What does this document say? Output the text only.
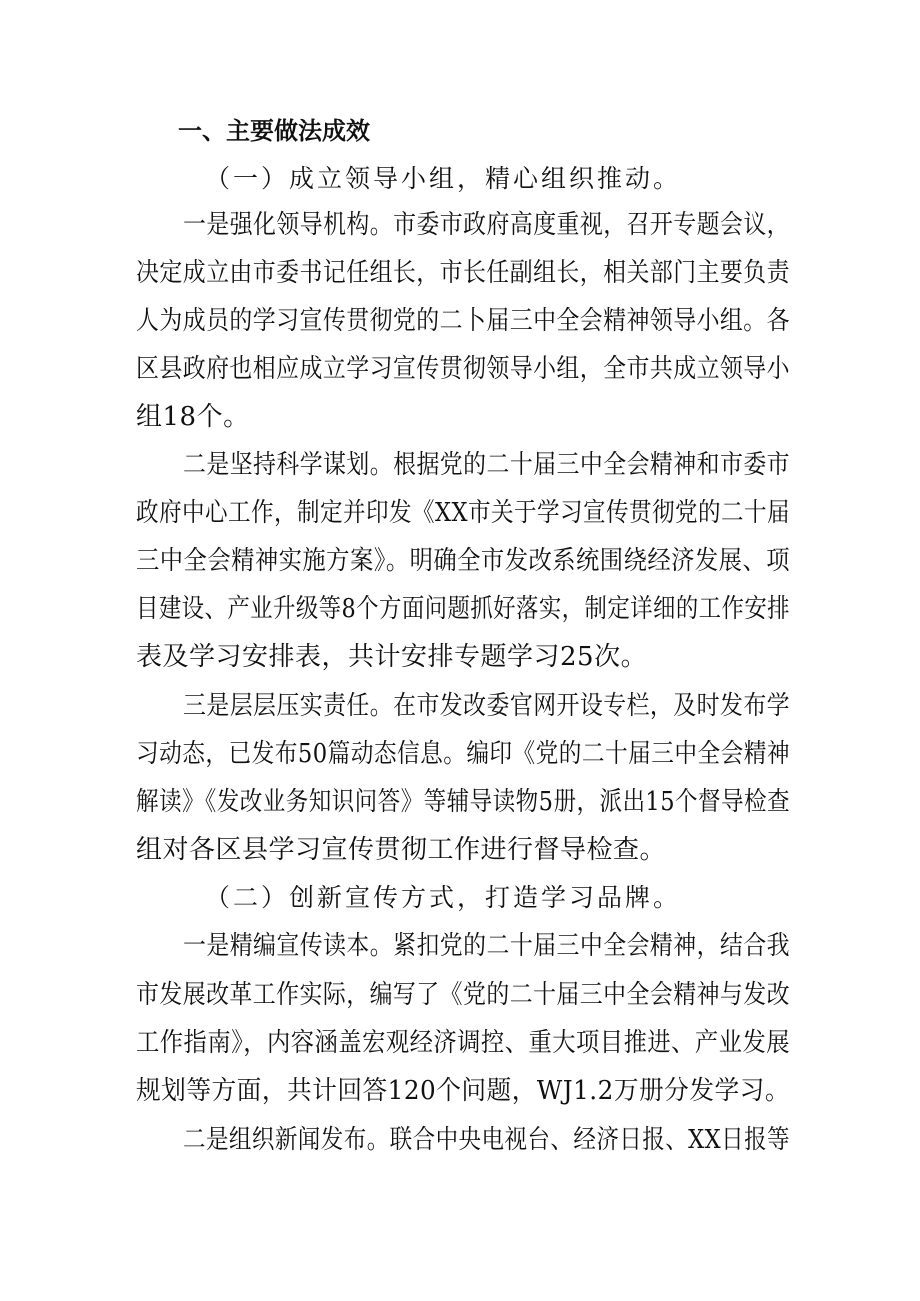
一、主要做法成效
（一）成立领导小组，精心组织推动。
一是强化领导机构。市委市政府高度重视，召开专题会议，
决定成立由市委书记任组长，市长任副组长，相关部门主要负责
人为成员的学习宣传贯彻党的二卜届三中全会精神领导小组。各
区县政府也相应成立学习宣传贯彻领导小组，全市共成立领导小
组18个。
二是坚持科学谋划。根据党的二十届三中全会精神和市委市
政府中心工作，制定并印发《XX市关于学习宣传贯彻党的二十届
三中全会精神实施方案》。明确全市发改系统围绕经济发展、项
目建设、产业升级等8个方面问题抓好落实，制定详细的工作安排
表及学习安排表，共计安排专题学习25次。
三是层层压实责任。在市发改委官网开设专栏，及时发布学
习动态，已发布50篇动态信息。编印《党的二十届三中全会精神
解读》《发改业务知识问答》等辅导读物5册，派出15个督导检查
组对各区县学习宣传贯彻工作进行督导检查。
（二）创新宣传方式，打造学习品牌。
一是精编宣传读本。紧扣党的二十届三中全会精神，结合我
市发展改革工作实际，编写了《党的二十届三中全会精神与发改
工作指南》，内容涵盖宏观经济调控、重大项目推进、产业发展
规划等方面，共计回答120个问题，WJ1.2万册分发学习。
二是组织新闻发布。联合中央电视台、经济日报、XX日报等
